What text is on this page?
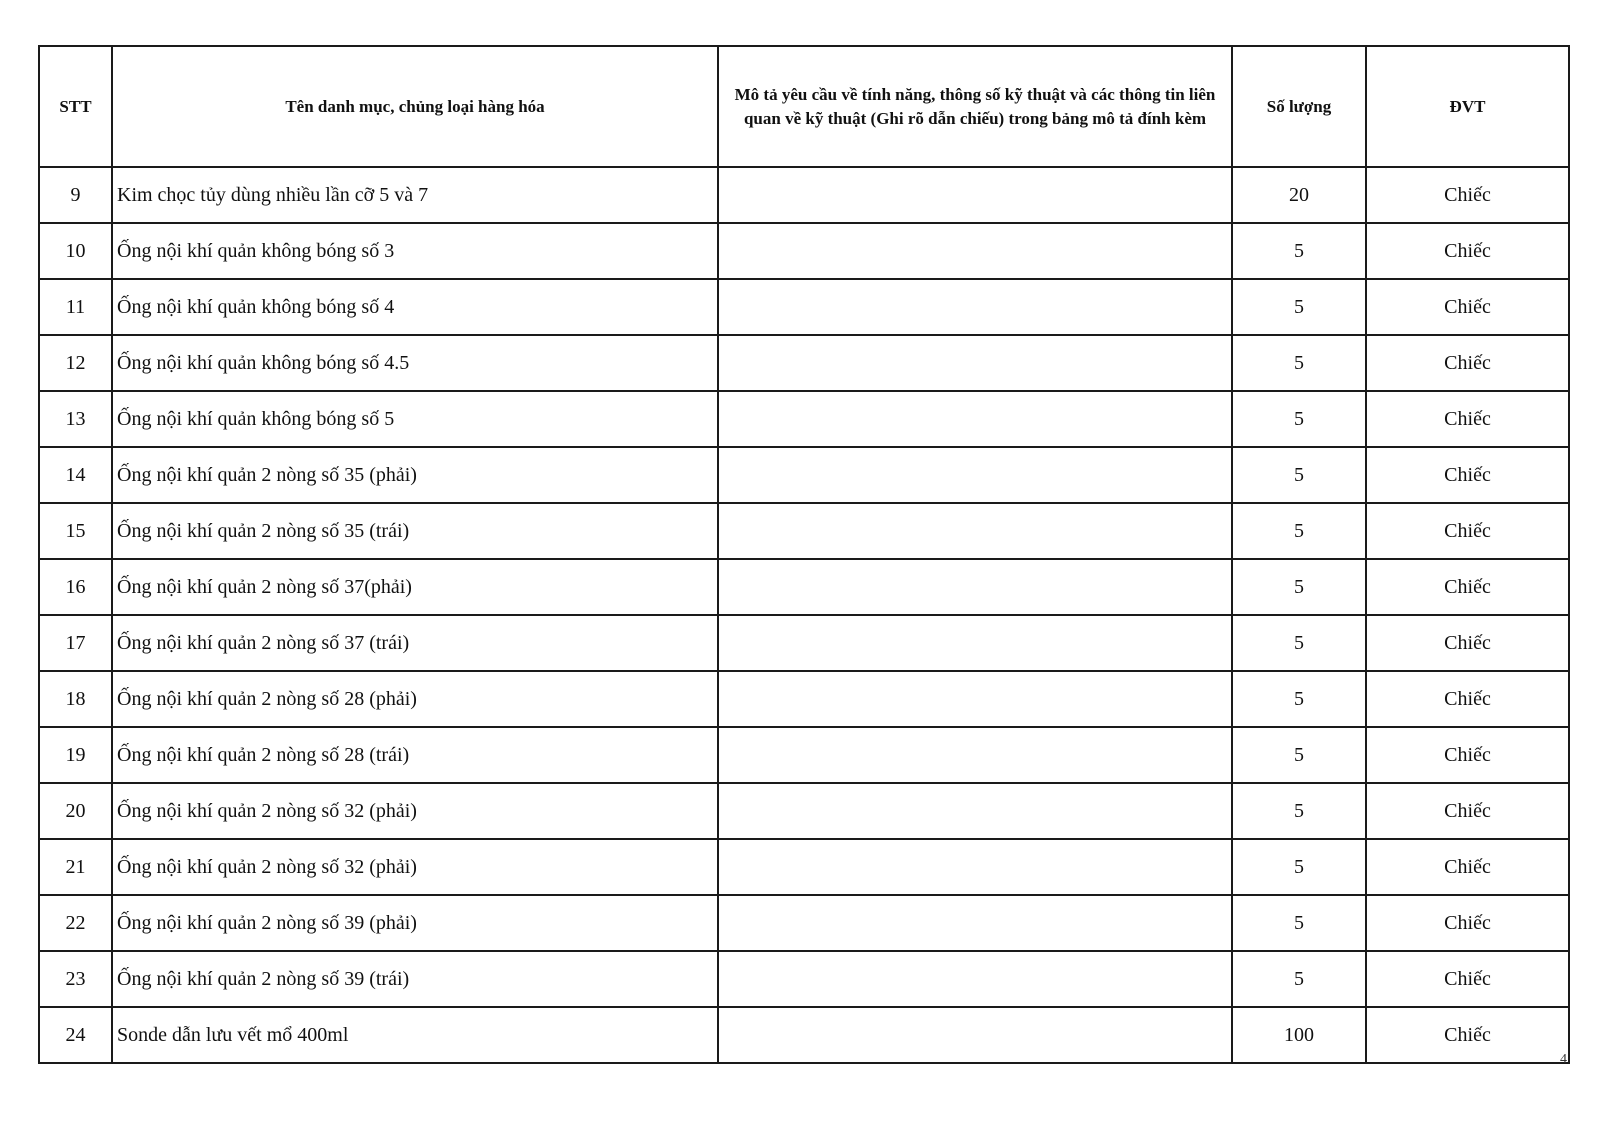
STT	Tên danh mục, chủng loại hàng hóa	Mô tả yêu cầu về tính năng, thông số kỹ thuật và các thông tin liên quan về kỹ thuật (Ghi rõ dẫn chiếu) trong bảng mô tả đính kèm	Số lượng	ĐVT
9	Kim chọc tủy dùng nhiều lần cỡ 5 và 7		20	Chiếc
10	Ống nội khí quản không bóng số 3		5	Chiếc
11	Ống nội khí quản không bóng số 4		5	Chiếc
12	Ống nội khí quản không bóng số 4.5		5	Chiếc
13	Ống nội khí quản không bóng số 5		5	Chiếc
14	Ống nội khí quản 2 nòng số 35 (phải)		5	Chiếc
15	Ống nội khí quản 2 nòng số 35 (trái)		5	Chiếc
16	Ống nội khí quản 2 nòng số 37(phải)		5	Chiếc
17	Ống nội khí quản 2 nòng số 37 (trái)		5	Chiếc
18	Ống nội khí quản 2 nòng số 28 (phải)		5	Chiếc
19	Ống nội khí quản 2 nòng số 28 (trái)		5	Chiếc
20	Ống nội khí quản 2 nòng số 32 (phải)		5	Chiếc
21	Ống nội khí quản 2 nòng số 32 (phải)		5	Chiếc
22	Ống nội khí quản 2 nòng số 39 (phải)		5	Chiếc
23	Ống nội khí quản 2 nòng số 39 (trái)		5	Chiếc
24	Sonde dẫn lưu vết mổ 400ml		100	Chiếc
4
